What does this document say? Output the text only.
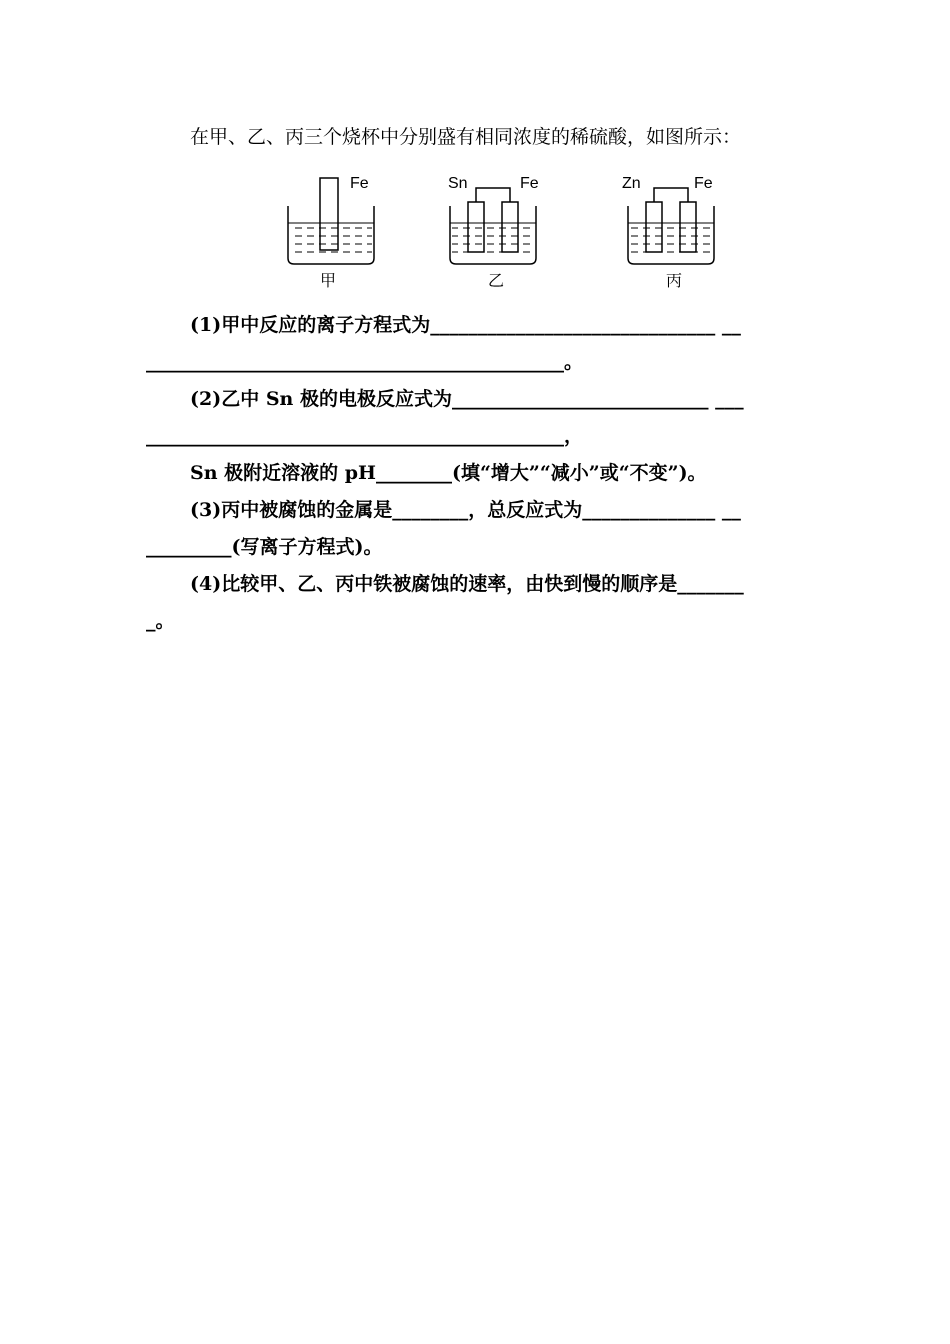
在甲、乙、丙三个烧杯中分别盛有相同浓度的稀硫酸，如图所示：
Fe
甲
Sn	Fe
乙
Zn	Fe
丙
(1)甲中反应的离子方程式为______________________________ __
____________________________________________。
(2)乙中 Sn 极的电极反应式为___________________________ ___
____________________________________________，
Sn 极附近溶液的 pH________(填“增大”“减小”或“不变”)。
(3)丙中被腐蚀的金属是________，总反应式为______________ __
_________(写离子方程式)。
(4)比较甲、乙、丙中铁被腐蚀的速率，由快到慢的顺序是_______
_。
